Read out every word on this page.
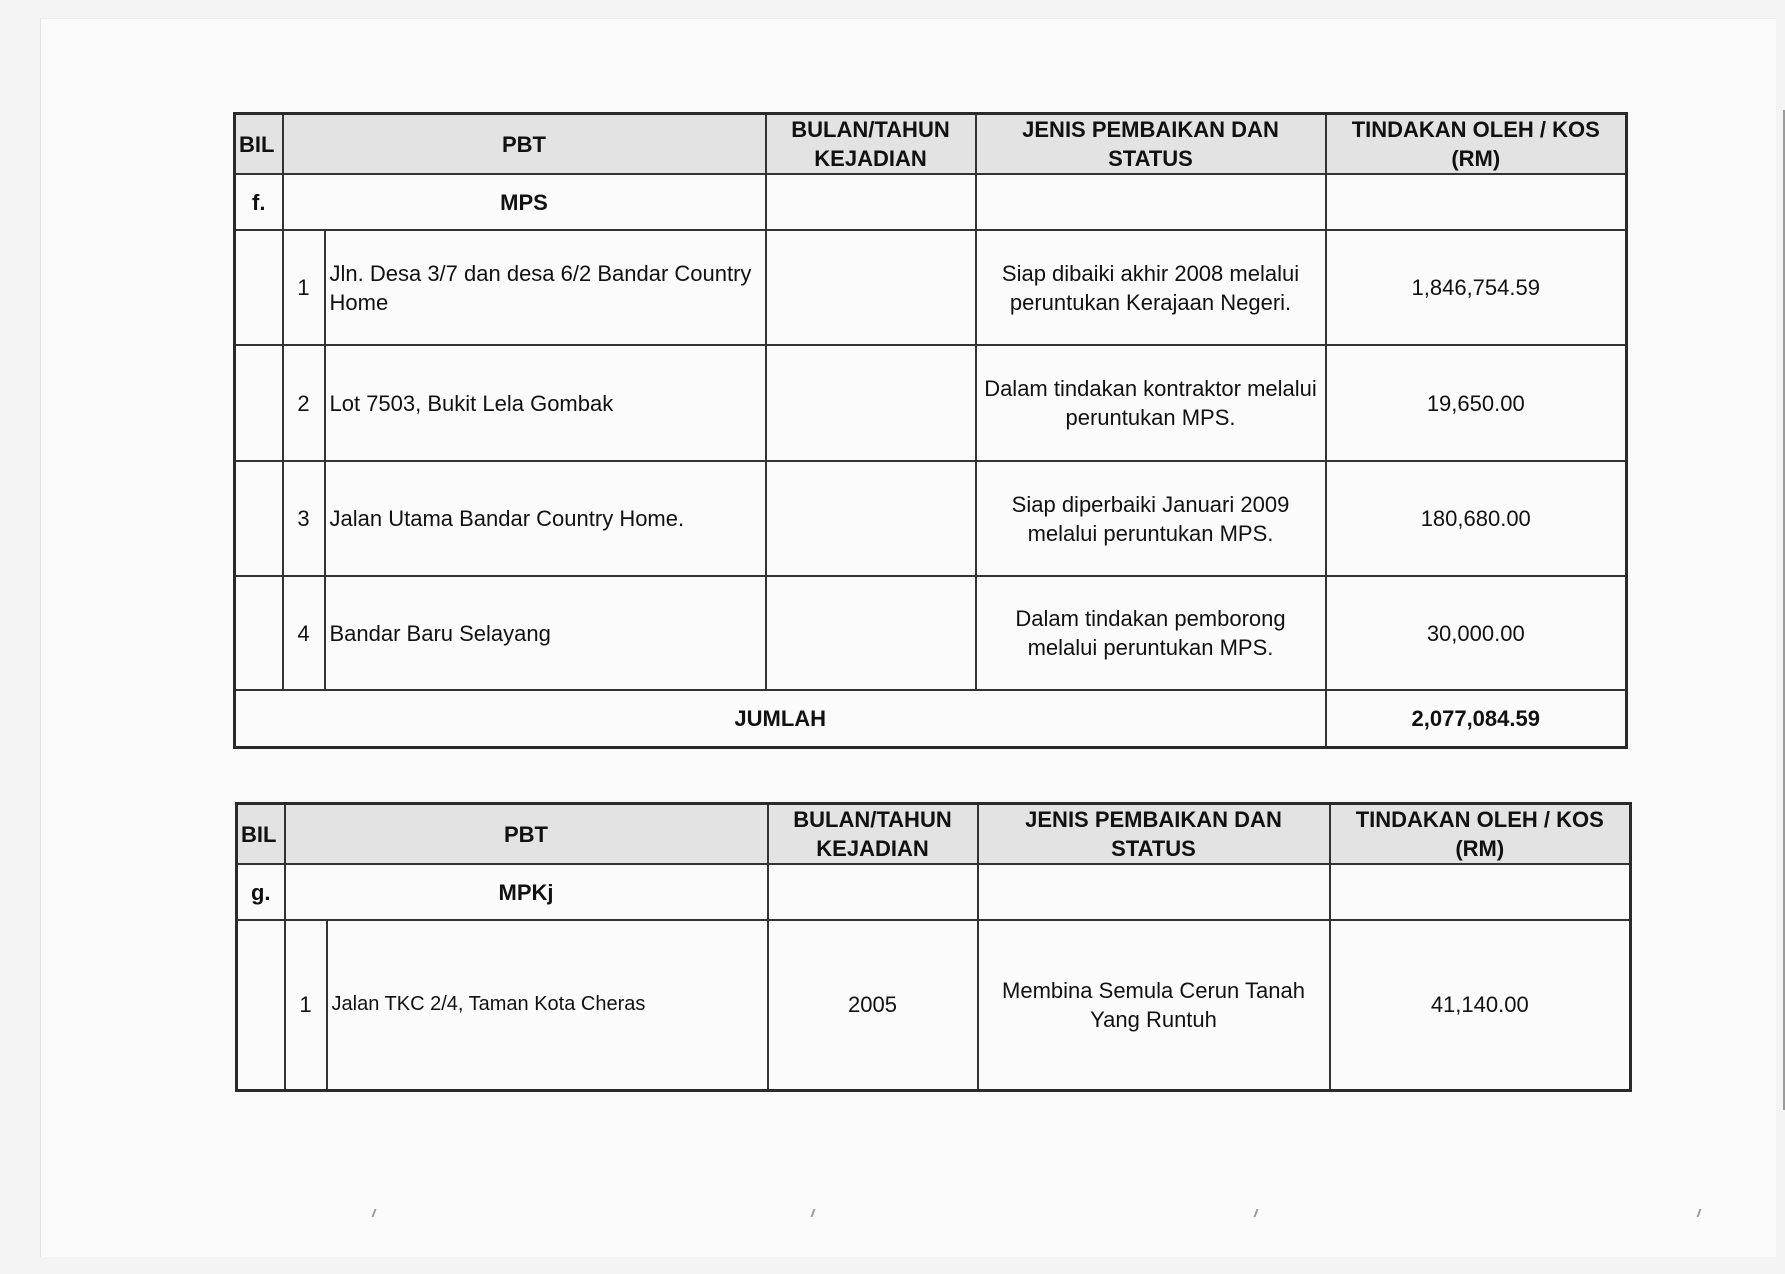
BIL	PBT		BULAN/TAHUN KEJADIAN	JENIS PEMBAIKAN DAN STATUS	TINDAKAN OLEH / KOS (RM)
f.	MPS				
	1	Jln. Desa 3/7 dan desa 6/2 Bandar Country Home		Siap dibaiki akhir 2008 melalui peruntukan Kerajaan Negeri.	1,846,754.59
	2	Lot 7503, Bukit Lela Gombak		Dalam tindakan kontraktor melalui peruntukan MPS.	19,650.00
	3	Jalan Utama Bandar Country Home.		Siap diperbaiki Januari 2009 melalui peruntukan MPS.	180,680.00
	4	Bandar Baru Selayang		Dalam tindakan pemborong melalui peruntukan MPS.	30,000.00
JUMLAH					2,077,084.59
BIL	PBT		BULAN/TAHUN KEJADIAN	JENIS PEMBAIKAN DAN STATUS	TINDAKAN OLEH / KOS (RM)
g.	MPKj				
	1	Jalan TKC 2/4, Taman Kota Cheras	2005	Membina Semula Cerun Tanah Yang Runtuh	41,140.00
